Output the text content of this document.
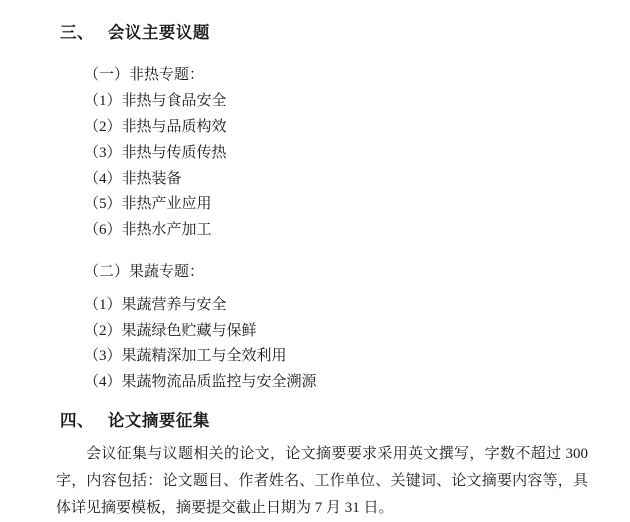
三、   会议主要议题
（一）非热专题：
（1）非热与食品安全
（2）非热与品质构效
（3）非热与传质传热
（4）非热装备
（5）非热产业应用
（6）非热水产加工
（二）果蔬专题：
（1）果蔬营养与安全
（2）果蔬绿色贮藏与保鲜
（3）果蔬精深加工与全效利用
（4）果蔬物流品质监控与安全溯源
四、   论文摘要征集

会议征集与议题相关的论文，论文摘要要求采用英文撰写，字数不超过 300 字，内容包括：论文题目、作者姓名、工作单位、关键词、论文摘要内容等，具体详见摘要模板，摘要提交截止日期为 7 月 31 日。
